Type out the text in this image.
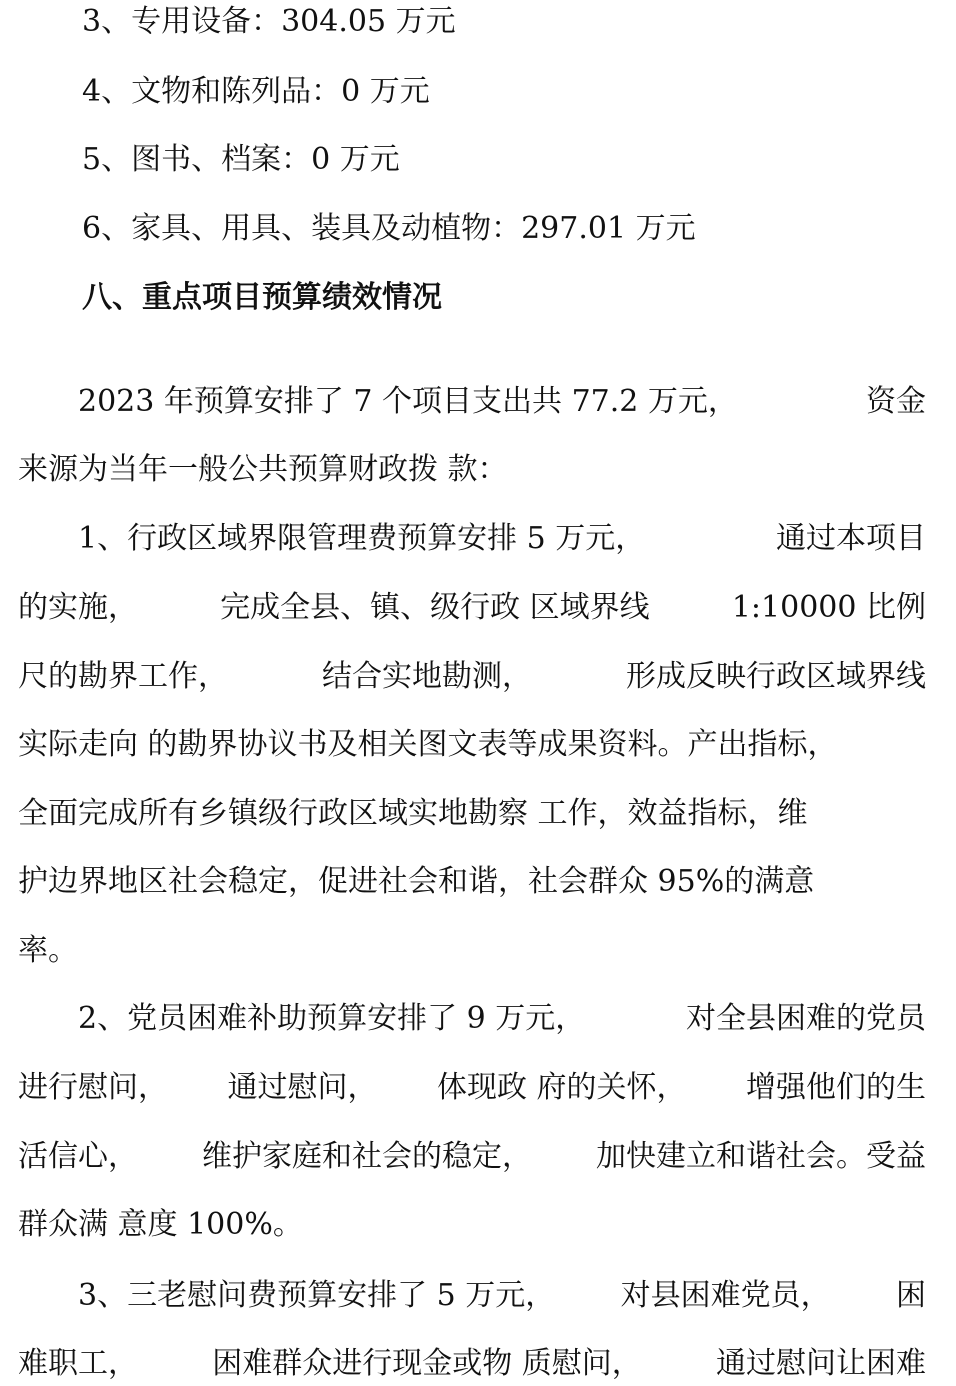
3、专用设备：304.05 万元
4、文物和陈列品：0 万元
5、图书、档案：0 万元
6、家具、用具、装具及动植物：297.01 万元
八、重点项目预算绩效情况
2023 年预算安排了 7 个项目支出共 77.2 万元，	资金
来源为当年一般公共预算财政拨 款：
1、行政区域界限管理费预算安排 5 万元，	通过本项目
的实施，	完成全县、镇、级行政 区域界线	1:10000 比例
尺的勘界工作，	结合实地勘测，	形成反映行政区域界线
实际走向 的勘界协议书及相关图文表等成果资料。产出指标，
全面完成所有乡镇级行政区域实地勘察 工作，效益指标，维
护边界地区社会稳定，促进社会和谐，社会群众 95%的满意
率。
2、党员困难补助预算安排了 9 万元，	对全县困难的党员
进行慰问， 通过慰问， 体现政 府的关怀， 增强他们的生
活信心， 维护家庭和社会的稳定， 加快建立和谐社会。受益
群众满 意度 100%。
3、三老慰问费预算安排了 5 万元， 对县困难党员， 困
难职工， 困难群众进行现金或物 质慰问， 通过慰问让困难
